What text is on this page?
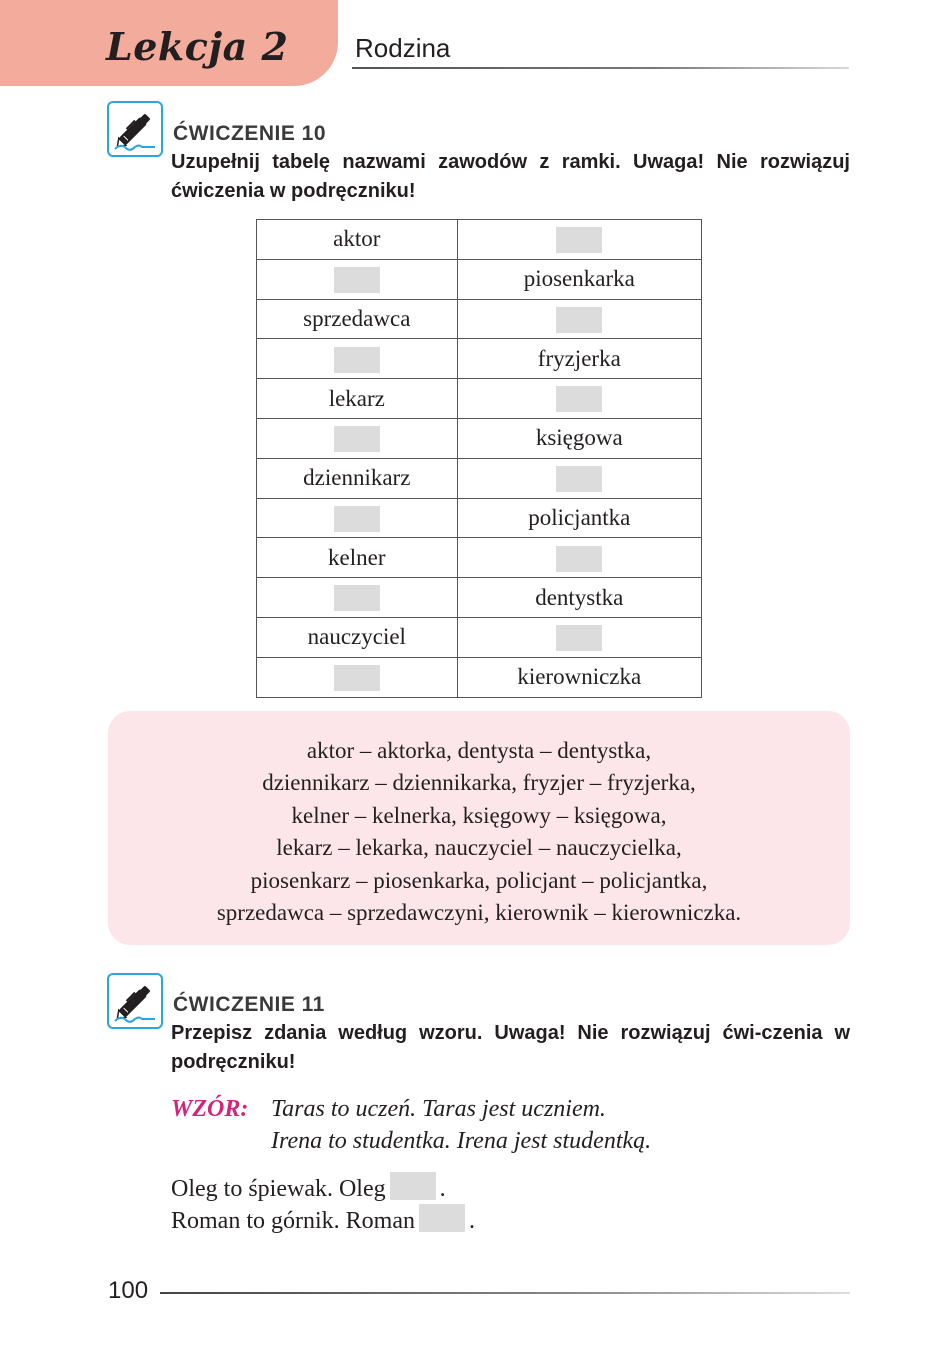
Lekcja 2	Rodzina
ĆWICZENIE 10
Uzupełnij tabelę nazwami zawodów z ramki. Uwaga! Nie rozwiązuj ćwiczenia w podręczniku!
aktor	
	piosenkarka
sprzedawca	
	fryzjerka
lekarz	
	księgowa
dziennikarz	
	policjantka
kelner	
	dentystka
nauczyciel	
	kierowniczka
aktor – aktorka, dentysta – dentystka,
dziennikarz – dziennikarka, fryzjer – fryzjerka,
kelner – kelnerka, księgowy – księgowa,
lekarz – lekarka, nauczyciel – nauczycielka,
piosenkarz – piosenkarka, policjant – policjantka,
sprzedawca – sprzedawczyni, kierownik – kierowniczka.
ĆWICZENIE 11
Przepisz zdania według wzoru. Uwaga! Nie rozwiązuj ćwi-czenia w podręczniku!
WZÓR: Taras to uczeń. Taras jest uczniem.
Irena to studentka. Irena jest studentką.
Oleg to śpiewak. Oleg .
Roman to górnik. Roman .
100
